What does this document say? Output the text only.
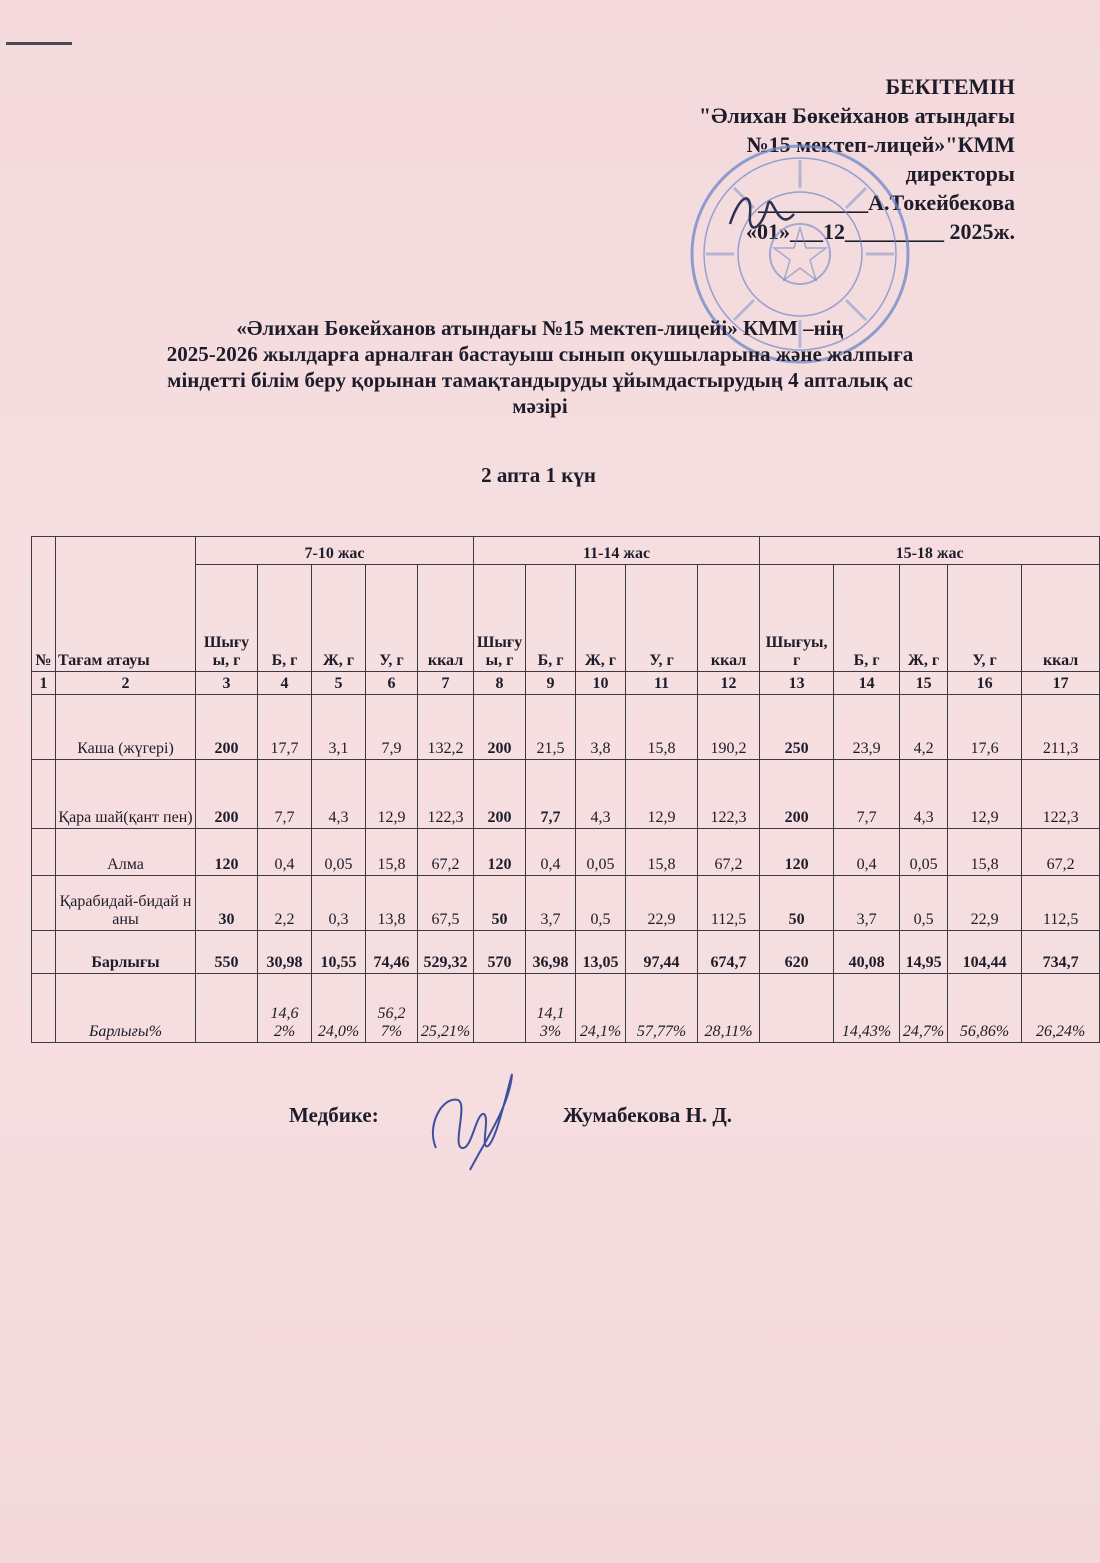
БЕКІТЕМІН
"Әлихан Бөкейханов атындағы
№15 мектеп-лицей»"КММ
директоры
__________А.Токейбекова
«01»___12_________ 2025ж.
«Әлихан Бөкейханов атындағы №15 мектеп-лицейі» КММ –нің
2025-2026 жылдарға арналған бастауыш сынып оқушыларына және жалпыға
міндетті білім беру қорынан тамақтандыруды ұйымдастырудың 4 апталық ас
мәзірі
2 апта 1 күн
№	Тағам атауы	7-10 жас					11-14 жас					15-18 жас				
		Шығуы, г	Б, г	Ж, г	У, г	ккал	Шығуы, г	Б, г	Ж, г	У, г	ккал	Шығуы, г	Б, г	Ж, г	У, г	ккал
1	2	3	4	5	6	7	8	9	10	11	12	13	14	15	16	17
	Каша (жүгері)	200	17,7	3,1	7,9	132,2	200	21,5	3,8	15,8	190,2	250	23,9	4,2	17,6	211,3
	Қара шай(қант пен)	200	7,7	4,3	12,9	122,3	200	7,7	4,3	12,9	122,3	200	7,7	4,3	12,9	122,3
	Алма	120	0,4	0,05	15,8	67,2	120	0,4	0,05	15,8	67,2	120	0,4	0,05	15,8	67,2
	Қарабидай-бидай наны	30	2,2	0,3	13,8	67,5	50	3,7	0,5	22,9	112,5	50	3,7	0,5	22,9	112,5
	Барлығы	550	30,98	10,55	74,46	529,32	570	36,98	13,05	97,44	674,7	620	40,08	14,95	104,44	734,7
	Барлығы%		14,62%	24,0%	56,27%	25,21%		14,13%	24,1%	57,77%	28,11%		14,43%	24,7%	56,86%	26,24%
Медбике:	Жумабекова Н. Д.
